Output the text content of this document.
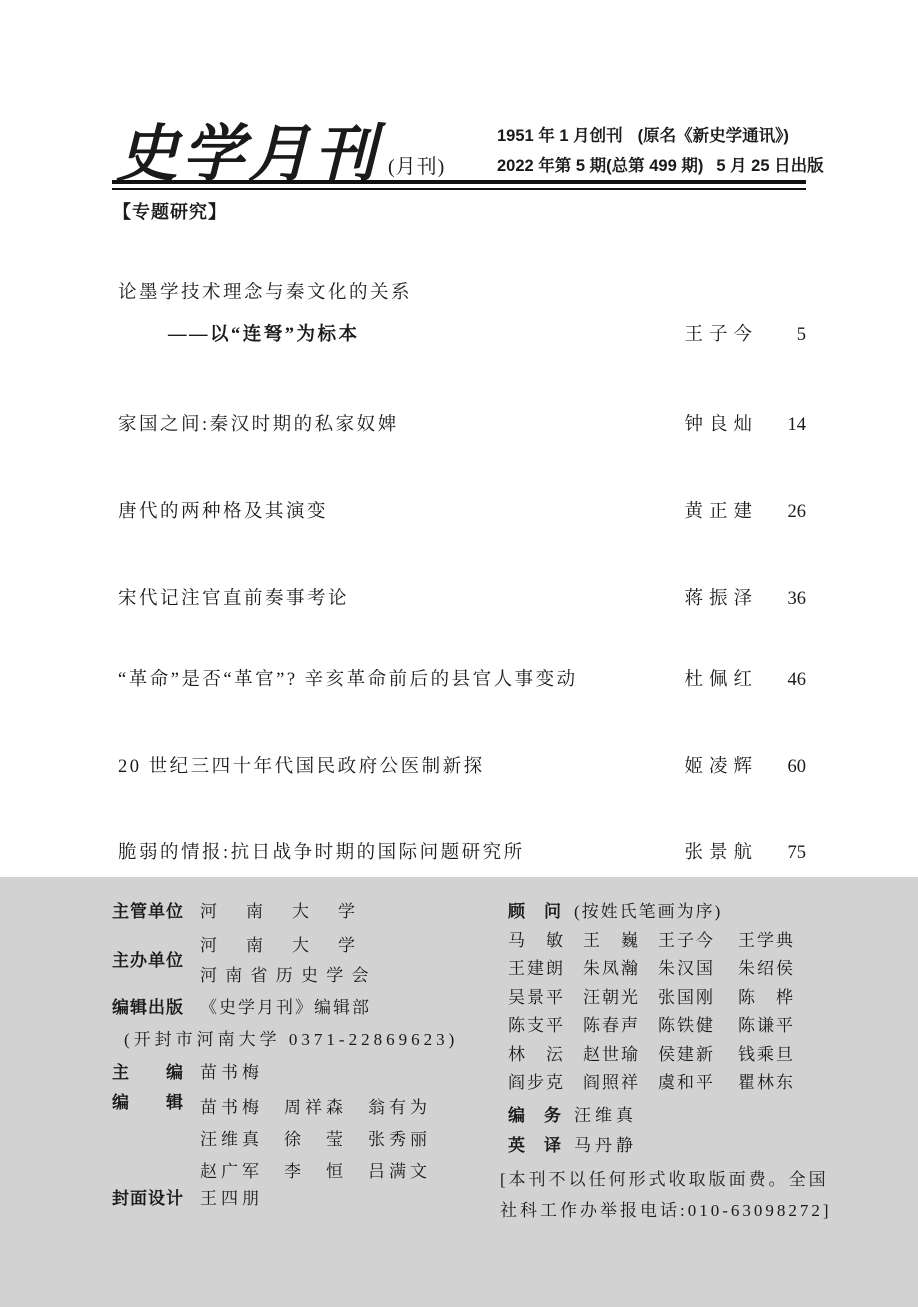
史学月刊 (月刊)
1951 年 1 月创刊 (原名《新史学通讯》)
2022 年第 5 期(总第 499 期) 5 月 25 日出版
【专题研究】
论墨学技术理念与秦文化的关系
——以“连弩”为标本	王子今	5
家国之间:秦汉时期的私家奴婢	钟良灿	14
唐代的两种格及其演变	黄正建	26
宋代记注官直前奏事考论	蒋振泽	36
“革命”是否“革官”? 辛亥革命前后的县官人事变动	杜佩红	46
20 世纪三四十年代国民政府公医制新探	姬凌辉	60
脆弱的情报:抗日战争时期的国际问题研究所	张景航	75
主管单位 河　南　大　学
主办单位
河　南　大　学
河 南 省 历 史 学 会
编辑出版 《史学月刊》编辑部
(开封市河南大学 0371-22869623)
主　　编 苗书梅
编　　辑 苗书梅　周祥森　翁有为
汪维真　徐　莹　张秀丽
赵广军　李　恒　吕满文
封面设计 王四朋
顾　问 (按姓氏笔画为序)
马　敏	王　巍	王子今	王学典
王建朗	朱凤瀚	朱汉国	朱绍侯
吴景平	汪朝光	张国刚	陈　桦
陈支平	陈春声	陈铁健	陈谦平
林　沄	赵世瑜	侯建新	钱乘旦
阎步克	阎照祥	虞和平	瞿林东
编　务 汪维真
英　译 马丹静
[本刊不以任何形式收取版面费。全国
社科工作办举报电话:010-63098272]
